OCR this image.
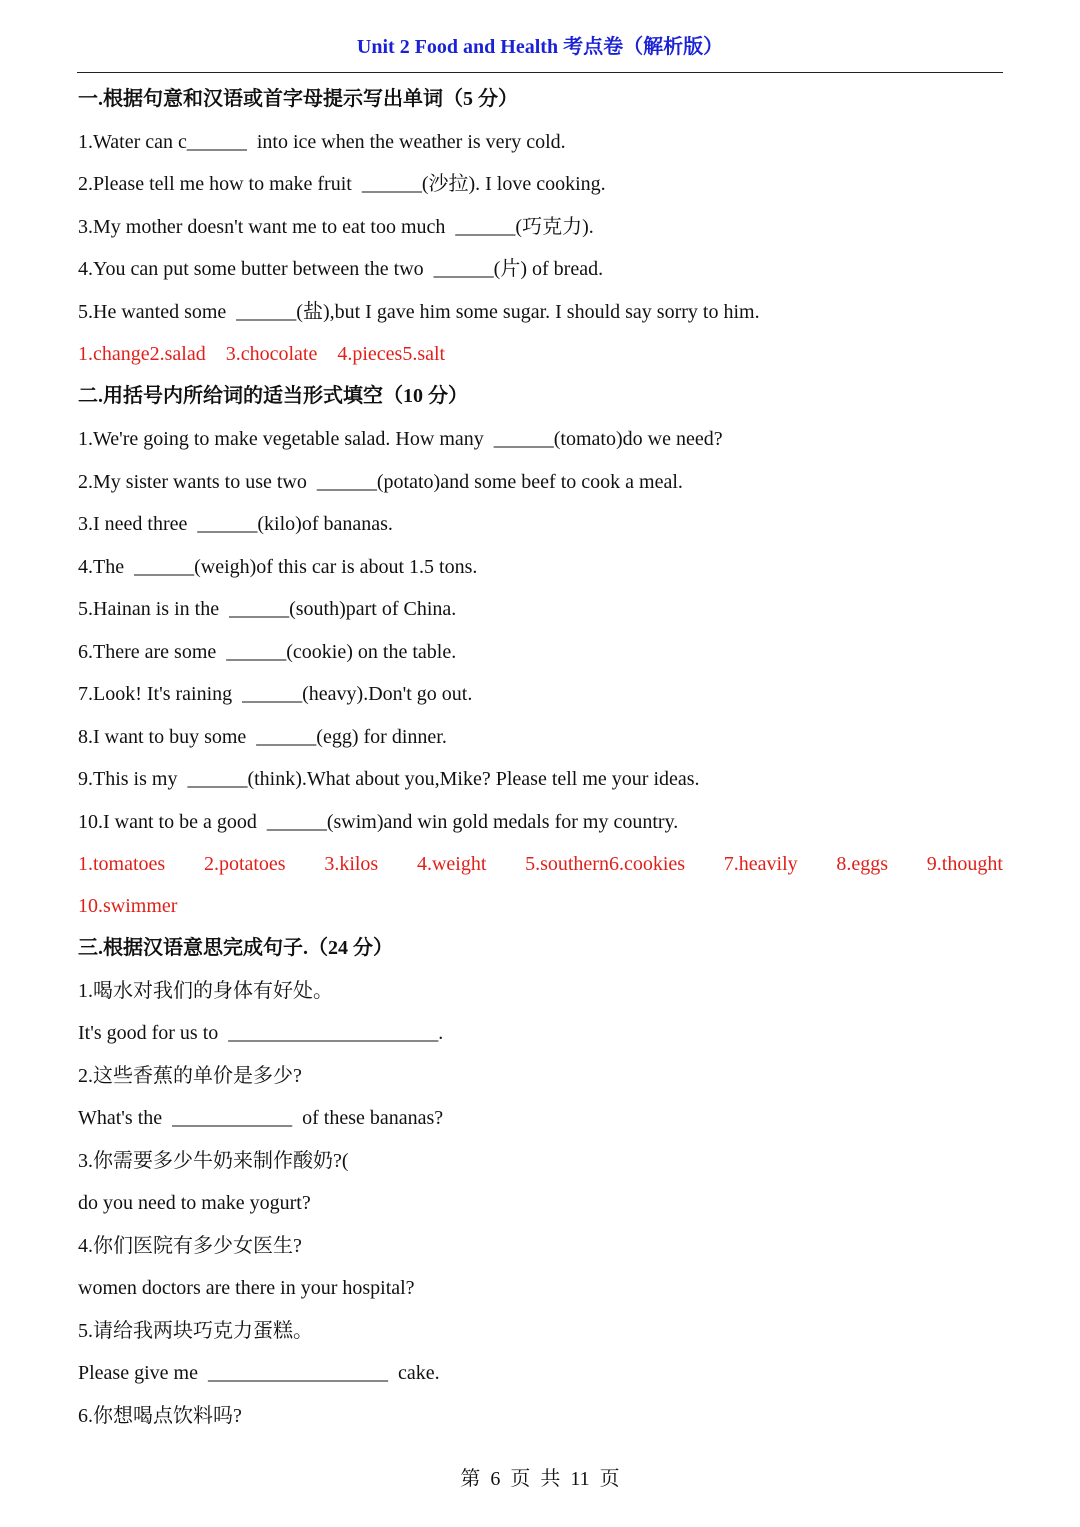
Unit 2 Food and Health 考点卷（解析版）
一.根据句意和汉语或首字母提示写出单词（5 分）
1.Water can c______  into ice when the weather is very cold.
2.Please tell me how to make fruit  ______(沙拉). I love cooking.
3.My mother doesn't want me to eat too much  ______(巧克力).
4.You can put some butter between the two  ______(片) of bread.
5.He wanted some  ______(盐),but I gave him some sugar. I should say sorry to him.
1.change2.salad    3.chocolate    4.pieces5.salt
二.用括号内所给词的适当形式填空（10 分）
1.We're going to make vegetable salad. How many  ______(tomato)do we need?
2.My sister wants to use two  ______(potato)and some beef to cook a meal.
3.I need three  ______(kilo)of bananas.
4.The  ______(weigh)of this car is about 1.5 tons.
5.Hainan is in the  ______(south)part of China.
6.There are some  ______(cookie) on the table.
7.Look! It's raining  ______(heavy).Don't go out.
8.I want to buy some  ______(egg) for dinner.
9.This is my  ______(think).What about you,Mike? Please tell me your ideas.
10.I want to be a good  ______(swim)and win gold medals for my country.
1.tomatoes 2.potatoes 3.kilos 4.weight 5.southern6.cookies 7.heavily 8.eggs 9.thought
10.swimmer
三.根据汉语意思完成句子.（24 分）
1.喝水对我们的身体有好处。
It's good for us to  _____________________.
2.这些香蕉的单价是多少?
What's the  ____________  of these bananas?
3.你需要多少牛奶来制作酸奶?(
do you need to make yogurt?
4.你们医院有多少女医生?
women doctors are there in your hospital?
5.请给我两块巧克力蛋糕。
Please give me  __________________  cake.
6.你想喝点饮料吗?
第  6  页  共  11  页
